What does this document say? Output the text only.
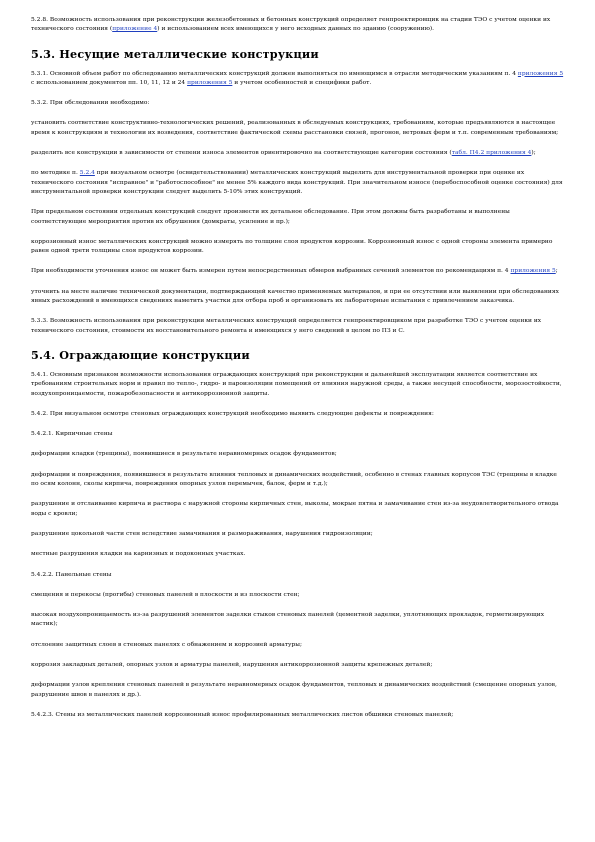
5.2.8. Возможность использования при реконструкции железобетонных и бетонных конструкций определяет генпроектировщик на стадии ТЭО с учетом оценки их технического состояния (приложение 4) и использованием всех имеющихся у него исходных данных по зданию (сооружению).

5.3. Несущие металлические конструкции

5.3.1. Основной объем работ по обследованию металлических конструкций должен выполняться по имеющимся в отрасли методическим указаниям п. 4 приложения 5 с использованием документов пп. 10, 11, 12 и 24 приложения 5 и учетом особенностей и специфики работ.

5.3.2. При обследовании необходимо:

установить соответствие конструктивно-технологических решений, реализованных в обследуемых конструкциях, требованиям, которые предъявляются в настоящее время к конструкциям и технологии их возведения, соответствие фактической схемы расстановки связей, прогонов, ветровых ферм и т.п. современным требованиям;

разделить все конструкции в зависимости от степени износа элементов ориентировочно на соответствующие категории состояния (табл. П4.2 приложения 4);

по методике п. 5.2.4 при визуальном осмотре (освидетельствовании) металлических конструкций выделить для инструментальной проверки при оценке их технического состояния "исправное" и "работоспособное" не менее 5% каждого вида конструкций. При значительном износе (перебоспособной оценке состояния) для инструментальной проверки конструкции следует выделить 5-10% этих конструкций.

При предельном состоянии отдельных конструкций следует произвести их детальное обследование. При этом должны быть разработаны и выполнены соответствующие мероприятия против их обрушения (домкраты, усиление и пр.);

коррозионный износ металлических конструкций можно измерять по толщине слоя продуктов коррозии. Коррозионный износ с одной стороны элемента примерно равен одной трети толщины слоя продуктов коррозии.

При необходимости уточнения износ он может быть измерен путем непосредственных обмеров выбранных сечений элементов по рекомендациям п. 4 приложения 5;

уточнить на месте наличие технической документации, подтверждающей качество применяемых материалов, и при ее отсутствии или выявлении при обследованиях явных расхождений в имеющихся сведениях наметить участки для отбора проб и организовать их лабораторные испытания с привлечением заказчика.

5.3.3. Возможность использования при реконструкции металлических конструкций определяется генпроектировщиком при разработке ТЭО с учетом оценки их технического состояния, стоимости их восстановительного ремонта и имеющихся у него сведений в целом по ПЗ и С.

5.4. Ограждающие конструкции

5.4.1. Основным признаком возможности использования ограждающих конструкций при реконструкции и дальнейшей эксплуатации является соответствие их требованиям строительных норм и правил по тепло-, гидро- и пароизоляции помещений от влияния наружной среды, а также несущей способности, морозостойкости, воздухопроницаемости, пожаробезопасности и антикоррозионной защиты.

5.4.2. При визуальном осмотре стеновых ограждающих конструкций необходимо выявить следующие дефекты и повреждения:

5.4.2.1. Кирпичные стены

деформации кладки (трещины), появившиеся в результате неравномерных осадок фундаментов;

деформации и повреждения, появившиеся в результате влияния тепловых и динамических воздействий, особенно в стенах главных корпусов ТЭС (трещины в кладке по осям колонн, сколы кирпича, повреждения опорных узлов перемычек, балок, ферм и т.д.);

разрушение и отслаивание кирпича и раствора с наружной стороны кирпичных стен, выколы, мокрые пятна и замачивание стен из-за неудовлетворительного отвода воды с кровли;

разрушение цокольной части стен вследствие замачивания и размораживания, нарушения гидроизоляции;

местные разрушения кладки на карнизных и подоконных участках.

5.4.2.2. Панельные стены

смещения и перекосы (прогибы) стеновых панелей в плоскости и из плоскости стен;

высокая воздухопроницаемость из-за разрушений элементов заделки стыков стеновых панелей (цементной заделки, уплотняющих прокладок, герметизирующих мастик);

отслоение защитных слоев в стеновых панелях с обнажением и коррозией арматуры;

коррозия закладных деталей, опорных узлов и арматуры панелей, нарушения антикоррозионной защиты крепежных деталей;

деформации узлов крепления стеновых панелей в результате неравномерных осадок фундаментов, тепловых и динамических воздействий (смещение опорных узлов, разрушение швов в панелях и др.).

5.4.2.3. Стены из металлических панелей коррозионный износ профилированных металлических листов обшивки стеновых панелей;
